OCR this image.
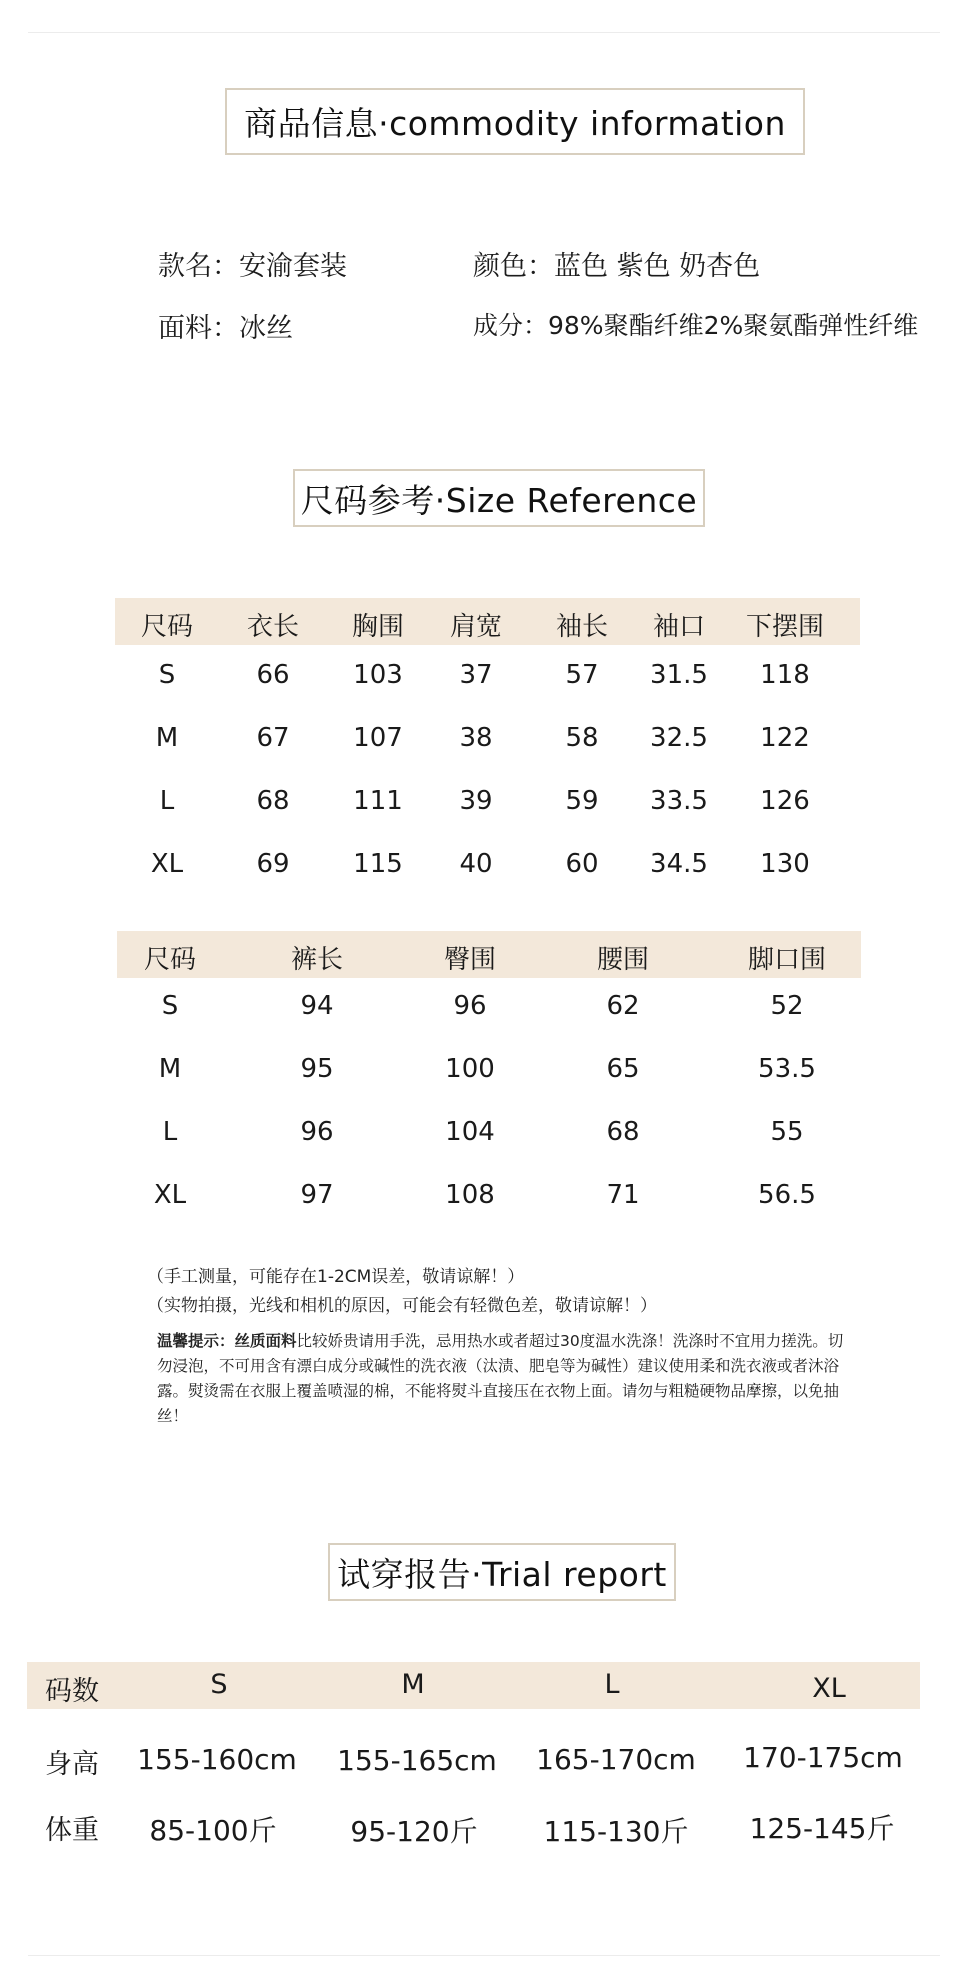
商品信息·commodity information
款名：安渝套装	颜色：蓝色 紫色 奶杏色
面料：冰丝	成分：98%聚酯纤维2%聚氨酯弹性纤维
尺码参考·Size Reference
尺码	衣长	胸围	肩宽	袖长	袖口	下摆围
S	66	103	37	57	31.5	118
M	67	107	38	58	32.5	122
L	68	111	39	59	33.5	126
XL	69	115	40	60	34.5	130
尺码	裤长	臀围	腰围	脚口围
S	94	96	62	52
M	95	100	65	53.5
L	96	104	68	55
XL	97	108	71	56.5
（手工测量，可能存在1-2CM误差，敬请谅解！）
（实物拍摄，光线和相机的原因，可能会有轻微色差，敬请谅解！）
温馨提示：丝质面料比较娇贵请用手洗，忌用热水或者超过30度温水洗涤！洗涤时不宜用力搓洗。切勿浸泡，不可用含有漂白成分或碱性的洗衣液（汰渍、肥皂等为碱性）建议使用柔和洗衣液或者沐浴露。熨烫需在衣服上覆盖喷湿的棉，不能将熨斗直接压在衣物上面。请勿与粗糙硬物品摩擦，以免抽丝！
试穿报告·Trial report
码数	S	M	L	XL
身高	155-160cm	155-165cm	165-170cm	170-175cm
体重	85-100斤	95-120斤	115-130斤	125-145斤
